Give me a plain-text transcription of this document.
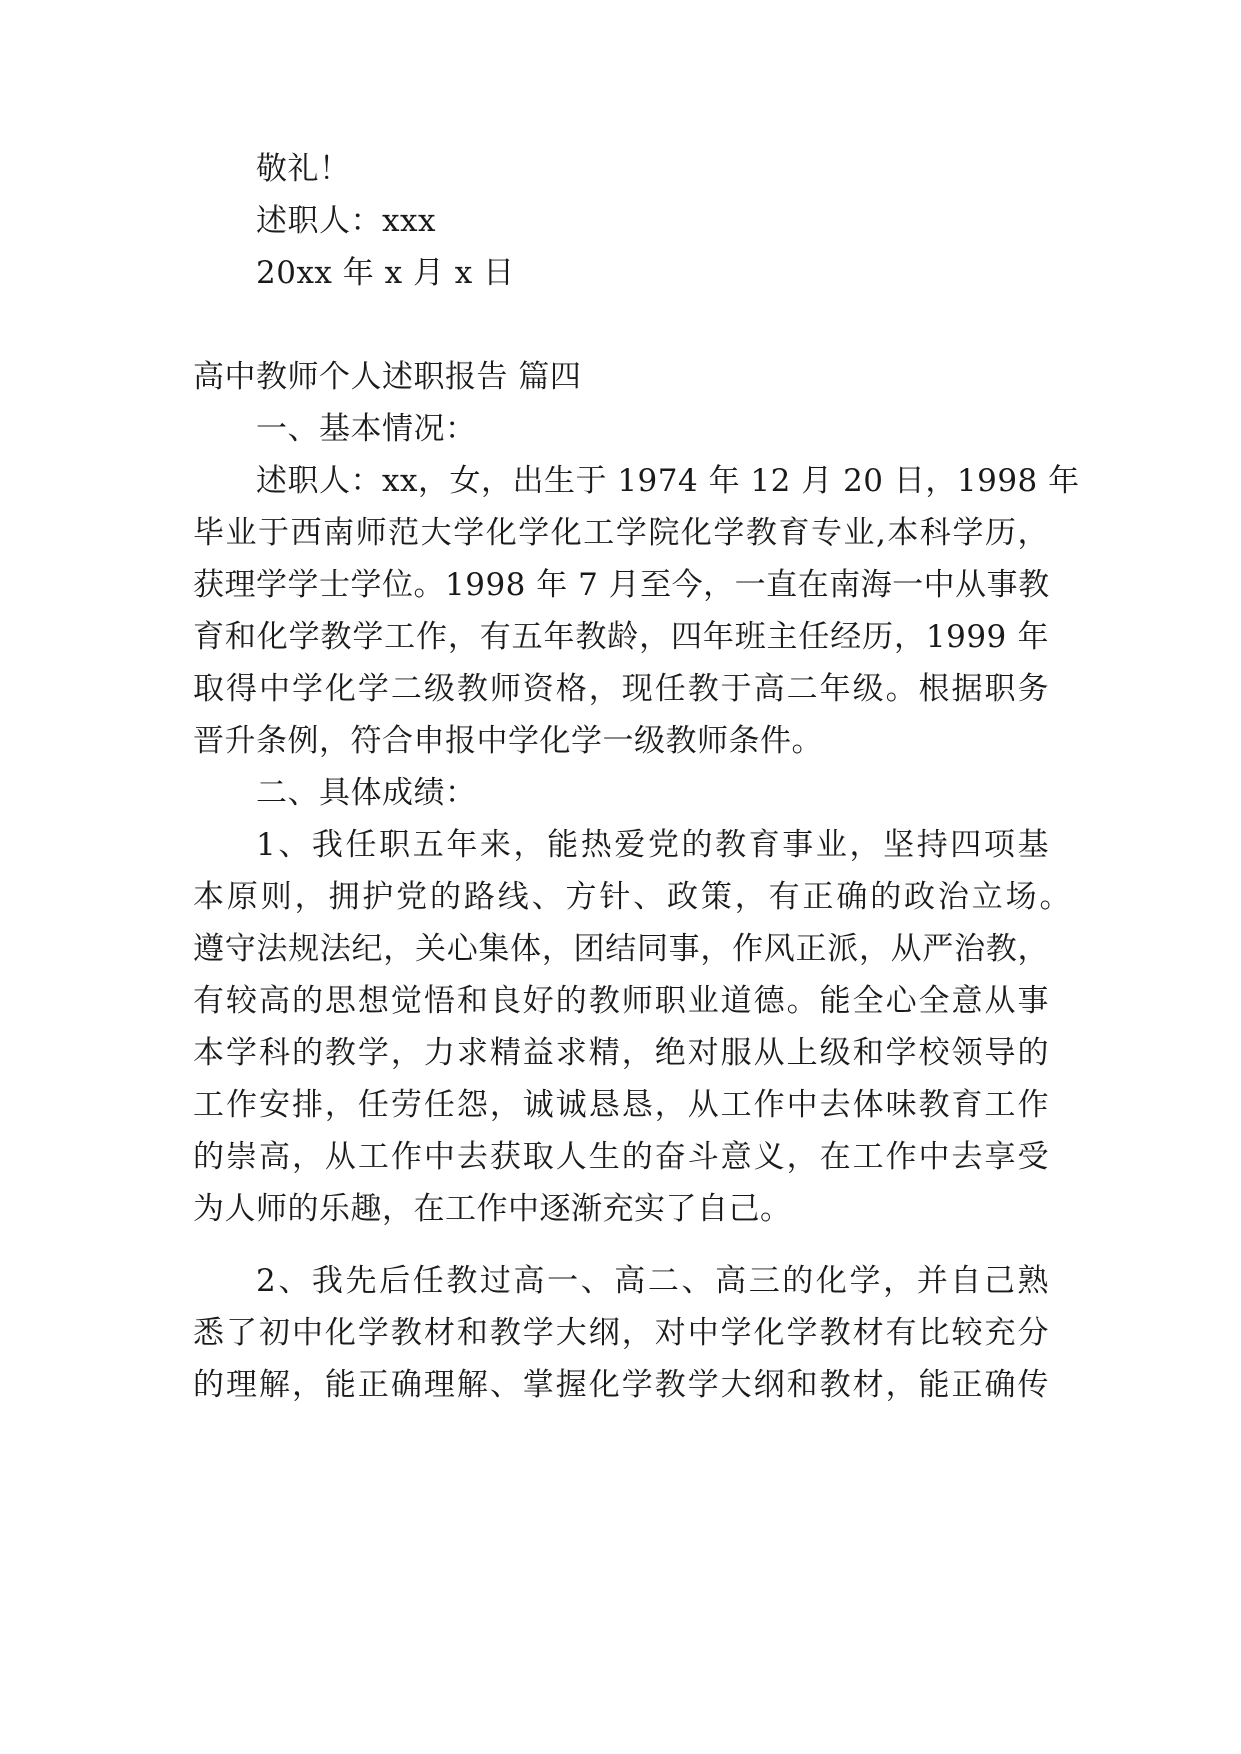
敬礼！
述职人：xxx
20xx 年 x 月 x 日
高中教师个人述职报告 篇四
一、基本情况：
述职人：xx，女，出生于 1974 年 12 月 20 日，1998 年
毕业于西南师范大学化学化工学院化学教育专业,本科学历，
获理学学士学位。1998 年 7 月至今，一直在南海一中从事教
育和化学教学工作，有五年教龄，四年班主任经历，1999 年
取得中学化学二级教师资格，现任教于高二年级。根据职务
晋升条例，符合申报中学化学一级教师条件。
二、具体成绩：
1、我任职五年来，能热爱党的教育事业，坚持四项基
本原则，拥护党的路线、方针、政策，有正确的政治立场。
遵守法规法纪，关心集体，团结同事，作风正派，从严治教，
有较高的思想觉悟和良好的教师职业道德。能全心全意从事
本学科的教学，力求精益求精，绝对服从上级和学校领导的
工作安排，任劳任怨，诚诚恳恳，从工作中去体味教育工作
的崇高，从工作中去获取人生的奋斗意义，在工作中去享受
为人师的乐趣，在工作中逐渐充实了自己。
2、我先后任教过高一、高二、高三的化学，并自己熟
悉了初中化学教材和教学大纲，对中学化学教材有比较充分
的理解，能正确理解、掌握化学教学大纲和教材，能正确传
